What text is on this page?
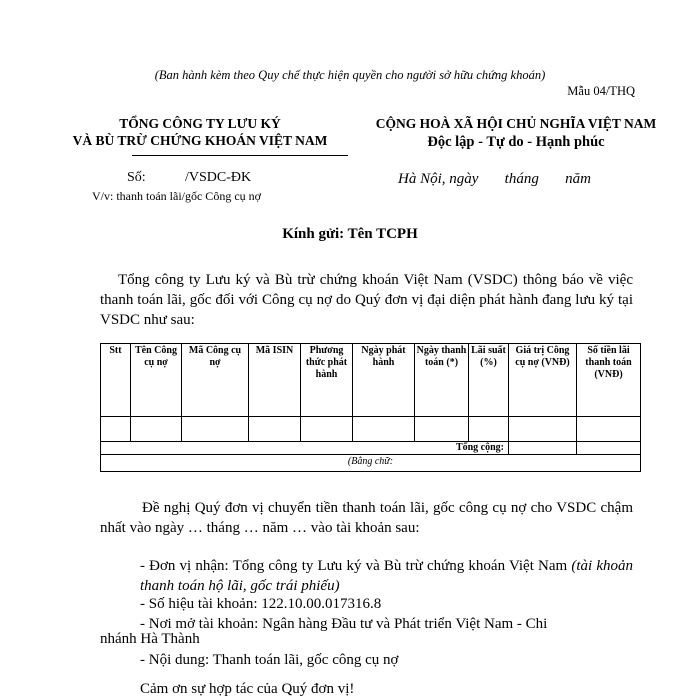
(Ban hành kèm theo Quy chế thực hiện quyền cho người sở hữu chứng khoán)
Mẫu 04/THQ
TỔNG CÔNG TY LƯU KÝ
VÀ BÙ TRỪ CHỨNG KHOÁN VIỆT NAM
CỘNG HOÀ XÃ HỘI CHỦ NGHĨA VIỆT NAM
Độc lập - Tự do - Hạnh phúc
Số:	/VSDC-ĐK
V/v: thanh toán lãi/gốc Công cụ nợ
Hà Nội, ngày       tháng       năm
Kính gửi: Tên TCPH
Tổng công ty Lưu ký và Bù trừ chứng khoán Việt Nam (VSDC) thông báo về việc thanh toán lãi, gốc đối với Công cụ nợ do Quý đơn vị đại diện phát hành đang lưu ký tại VSDC như sau:
Stt	Tên Công cụ nợ	Mã Công cụ nợ	Mã ISIN	Phương thức phát hành	Ngày phát hành	Ngày thanh toán (*)	Lãi suất (%)	Giá trị Công cụ nợ (VNĐ)	Số tiền lãi thanh toán (VNĐ)

Tổng cộng:									
(Bằng chữ:									
Đề nghị Quý đơn vị chuyển tiền thanh toán lãi, gốc công cụ nợ cho VSDC chậm nhất vào ngày … tháng … năm … vào tài khoản sau:
- Đơn vị nhận: Tổng công ty Lưu ký và Bù trừ chứng khoán Việt Nam (tài khoản thanh toán hộ lãi, gốc trái phiếu)
- Số hiệu tài khoản: 122.10.00.017316.8
- Nơi mở tài khoản: Ngân hàng Đầu tư và Phát triển Việt Nam - Chi
nhánh Hà Thành
- Nội dung: Thanh toán lãi, gốc công cụ nợ
Cảm ơn sự hợp tác của Quý đơn vị!
